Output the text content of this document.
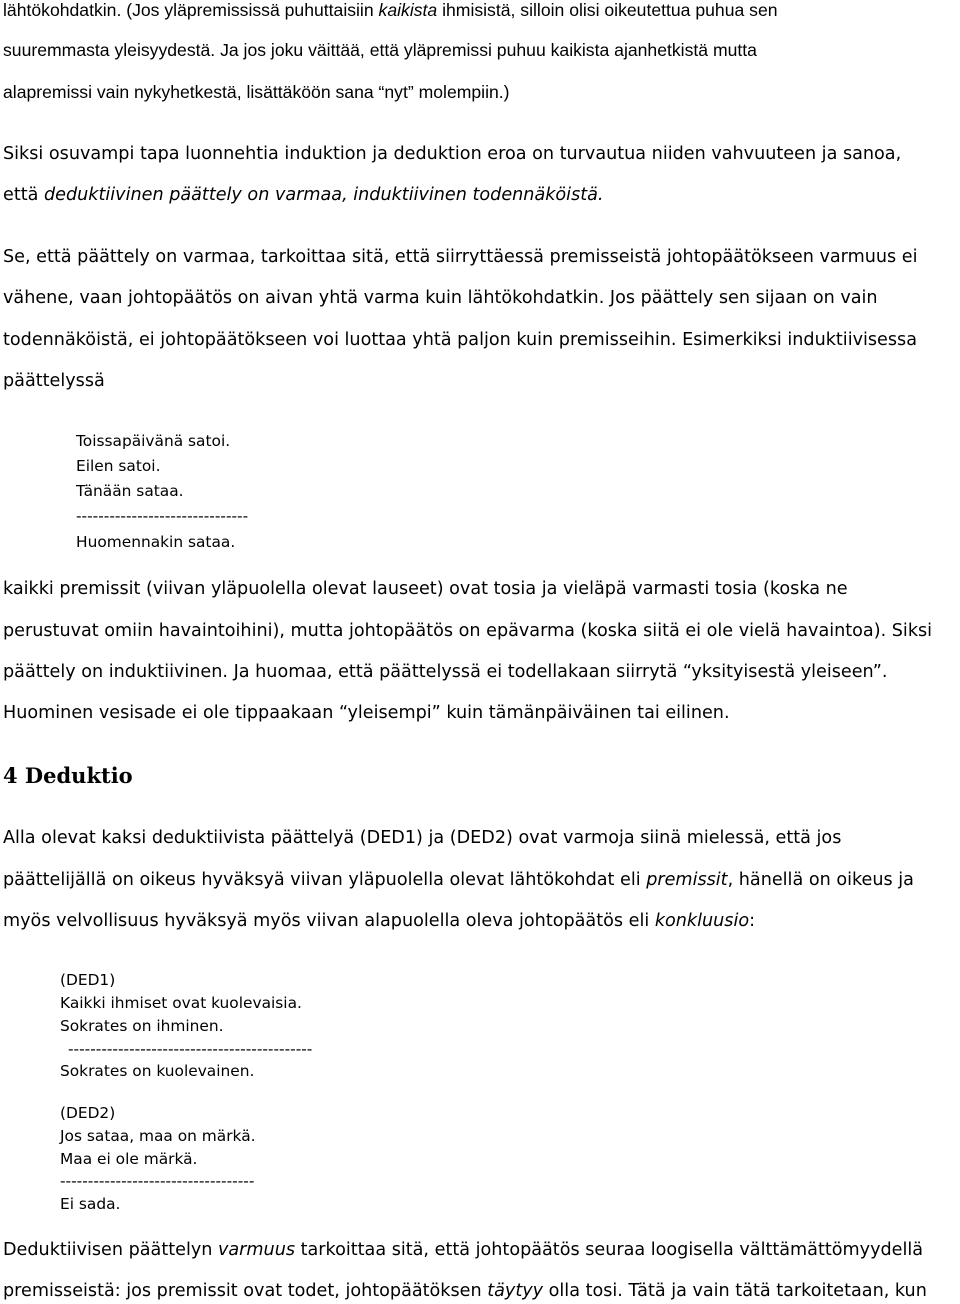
lähtökohdatkin. (Jos yläpremississä puhuttaisiin kaikista ihmisistä, silloin olisi oikeutettua puhua sen
suuremmasta yleisyydestä. Ja jos joku väittää, että yläpremissi puhuu kaikista ajanhetkistä mutta
alapremissi vain nykyhetkestä, lisättäköön sana “nyt” molempiin.)
Siksi osuvampi tapa luonnehtia induktion ja deduktion eroa on turvautua niiden vahvuuteen ja sanoa,
että deduktiivinen päättely on varmaa, induktiivinen todennäköistä.
Se, että päättely on varmaa, tarkoittaa sitä, että siirryttäessä premisseistä johtopäätökseen varmuus ei
vähene, vaan johtopäätös on aivan yhtä varma kuin lähtökohdatkin. Jos päättely sen sijaan on vain
todennäköistä, ei johtopäätökseen voi luottaa yhtä paljon kuin premisseihin. Esimerkiksi induktiivisessa
päättelyssä
Toissapäivänä satoi.
Eilen satoi.
Tänään sataa.
-------------------------------
Huomennakin sataa.
kaikki premissit (viivan yläpuolella olevat lauseet) ovat tosia ja vieläpä varmasti tosia (koska ne
perustuvat omiin havaintoihini), mutta johtopäätös on epävarma (koska siitä ei ole vielä havaintoa). Siksi
päättely on induktiivinen. Ja huomaa, että päättelyssä ei todellakaan siirrytä “yksityisestä yleiseen”.
Huominen vesisade ei ole tippaakaan “yleisempi” kuin tämänpäiväinen tai eilinen.
4 Deduktio
Alla olevat kaksi deduktiivista päättelyä (DED1) ja (DED2) ovat varmoja siinä mielessä, että jos
päättelijällä on oikeus hyväksyä viivan yläpuolella olevat lähtökohdat eli premissit, hänellä on oikeus ja
myös velvollisuus hyväksyä myös viivan alapuolella oleva johtopäätös eli konkluusio:
(DED1)
Kaikki ihmiset ovat kuolevaisia.
Sokrates on ihminen.
--------------------------------------------
Sokrates on kuolevainen.
(DED2)
Jos sataa, maa on märkä.
Maa ei ole märkä.
-----------------------------------
Ei sada.
Deduktiivisen päättelyn varmuus tarkoittaa sitä, että johtopäätös seuraa loogisella välttämättömyydellä
premisseistä: jos premissit ovat todet, johtopäätöksen täytyy olla tosi. Tätä ja vain tätä tarkoitetaan, kun
